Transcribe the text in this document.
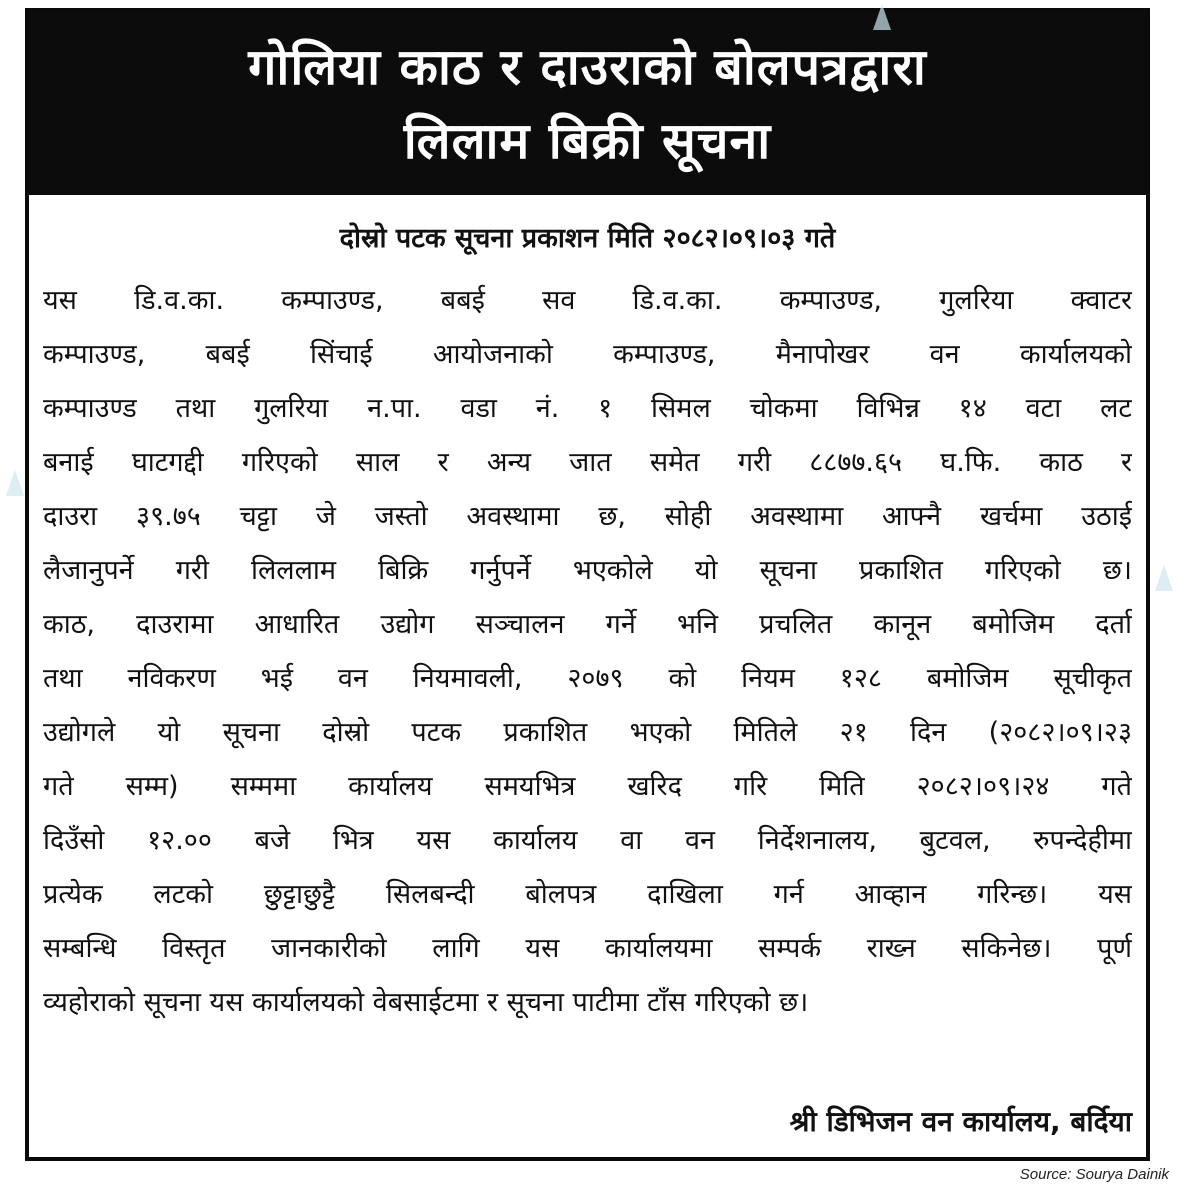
गोलिया काठ र दाउराको बोलपत्रद्वारा
लिलाम बिक्री सूचना
दोस्रो पटक सूचना प्रकाशन मिति २०८२।०९।०३ गते
यस डि.व.का. कम्पाउण्ड, बबई सव डि.व.का. कम्पाउण्ड, गुलरिया क्वाटर
कम्पाउण्ड, बबई सिंचाई आयोजनाको कम्पाउण्ड, मैनापोखर वन कार्यालयको
कम्पाउण्ड तथा गुलरिया न.पा. वडा नं. १ सिमल चोकमा विभिन्न १४ वटा लट
बनाई घाटगद्दी गरिएको साल र अन्य जात समेत गरी ८८७७.६५ घ.फि. काठ र
दाउरा ३९.७५ चट्टा जे जस्तो अवस्थामा छ, सोही अवस्थामा आफ्नै खर्चमा उठाई
लैजानुपर्ने गरी लिललाम बिक्रि गर्नुपर्ने भएकोले यो सूचना प्रकाशित गरिएको छ।
काठ, दाउरामा आधारित उद्योग सञ्चालन गर्ने भनि प्रचलित कानून बमोजिम दर्ता
तथा नविकरण भई वन नियमावली, २०७९ को नियम १२८ बमोजिम सूचीकृत
उद्योगले यो सूचना दोस्रो पटक प्रकाशित भएको मितिले २१ दिन (२०८२।०९।२३
गते सम्म) सम्ममा कार्यालय समयभित्र खरिद गरि मिति २०८२।०९।२४ गते
दिउँसो १२.०० बजे भित्र यस कार्यालय वा वन निर्देशनालय, बुटवल, रुपन्देहीमा
प्रत्येक लटको छुट्टाछुट्टै सिलबन्दी बोलपत्र दाखिला गर्न आव्हान गरिन्छ। यस
सम्बन्धि विस्तृत जानकारीको लागि यस कार्यालयमा सम्पर्क राख्न सकिनेछ। पूर्ण
व्यहोराको सूचना यस कार्यालयको वेबसाईटमा र सूचना पाटीमा टाँस गरिएको छ।
श्री डिभिजन वन कार्यालय, बर्दिया
Source: Sourya Dainik
